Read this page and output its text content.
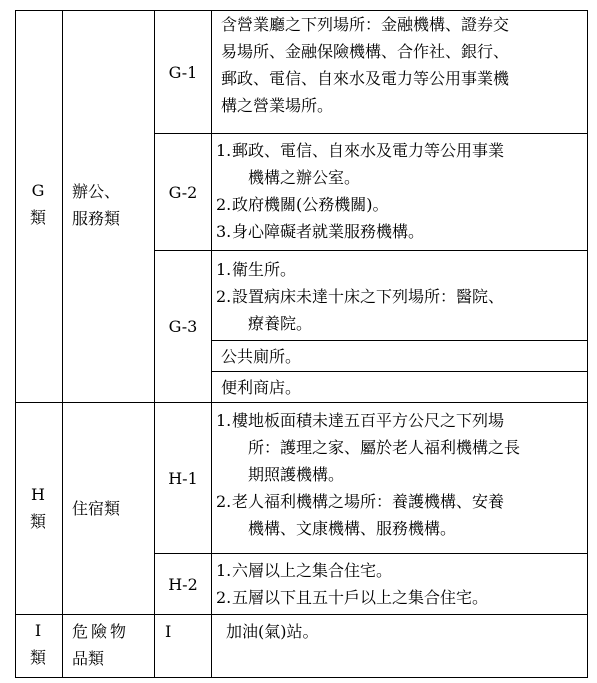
G
類
辦公、
服務類
G-1

含營業廳之下列場所：金融機構、證券交

易場所、金融保險機構、合作社、銀行、

郵政、電信、自來水及電力等公用事業機

構之營業場所。

G-2
1. 郵政、電信、自來水及電力等公用事業

機構之辦公室。

2. 政府機關(公務機關)。

3. 身心障礙者就業服務機構。

G-3
1. 衛生所。

2. 設置病床未達十床之下列場所：醫院、

療養院。

公共廁所。
便利商店。
H
類
住宿類
H-1
1. 樓地板面積未達五百平方公尺之下列場

所：護理之家、屬於老人福利機構之長

期照護機構。

2. 老人福利機構之場所：養護機構、安養

機構、文康機構、服務機構。

H-2
1. 六層以上之集合住宅。

2. 五層以下且五十戶以上之集合住宅。

I
類
危險物
品類
I	加油(氣)站。
